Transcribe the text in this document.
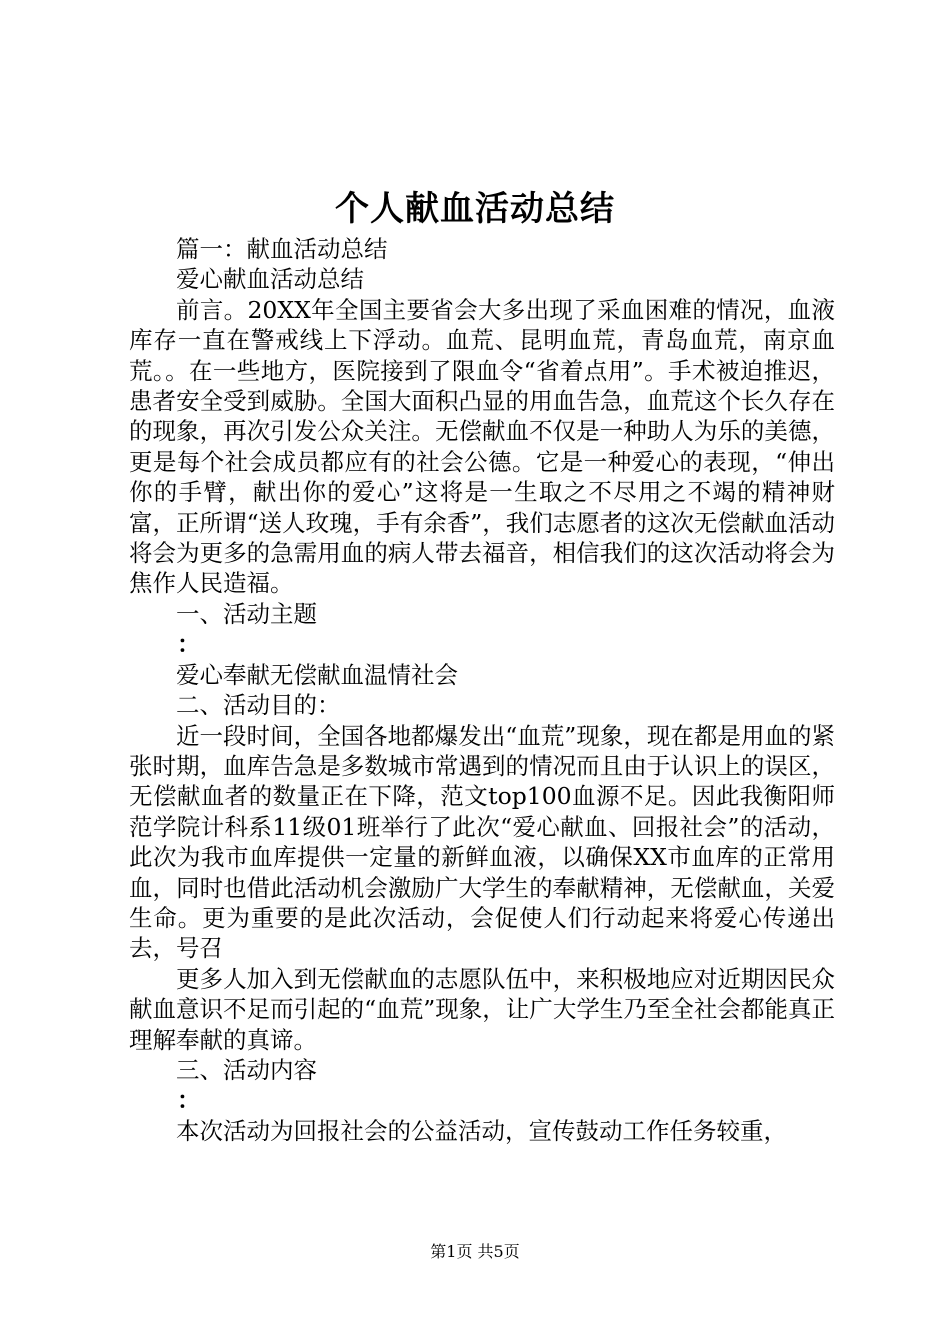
个人献血活动总结

篇一：献血活动总结

爱心献血活动总结

前言。20XX年全国主要省会大多出现了采血困难的情况，血液库存一直在警戒线上下浮动。血荒、昆明血荒，青岛血荒，南京血荒。。在一些地方，医院接到了限血令“省着点用”。手术被迫推迟，患者安全受到威胁。全国大面积凸显的用血告急，血荒这个长久存在的现象，再次引发公众关注。无偿献血不仅是一种助人为乐的美德，更是每个社会成员都应有的社会公德。它是一种爱心的表现，“伸出你的手臂，献出你的爱心”这将是一生取之不尽用之不竭的精神财富，正所谓“送人玫瑰，手有余香”，我们志愿者的这次无偿献血活动将会为更多的急需用血的病人带去福音，相信我们的这次活动将会为焦作人民造福。

一、活动主题

：

爱心奉献无偿献血温情社会

二、活动目的：

近一段时间，全国各地都爆发出“血荒”现象，现在都是用血的紧张时期，血库告急是多数城市常遇到的情况而且由于认识上的误区，无偿献血者的数量正在下降，范文top100血源不足。因此我衡阳师范学院计科系11级01班举行了此次“爱心献血、回报社会”的活动，此次为我市血库提供一定量的新鲜血液，以确保XX市血库的正常用血，同时也借此活动机会激励广大学生的奉献精神，无偿献血，关爱生命。更为重要的是此次活动，会促使人们行动起来将爱心传递出去，号召

更多人加入到无偿献血的志愿队伍中，来积极地应对近期因民众献血意识不足而引起的“血荒”现象，让广大学生乃至全社会都能真正理解奉献的真谛。

三、活动内容

：

本次活动为回报社会的公益活动，宣传鼓动工作任务较重，

第1页 共5页
